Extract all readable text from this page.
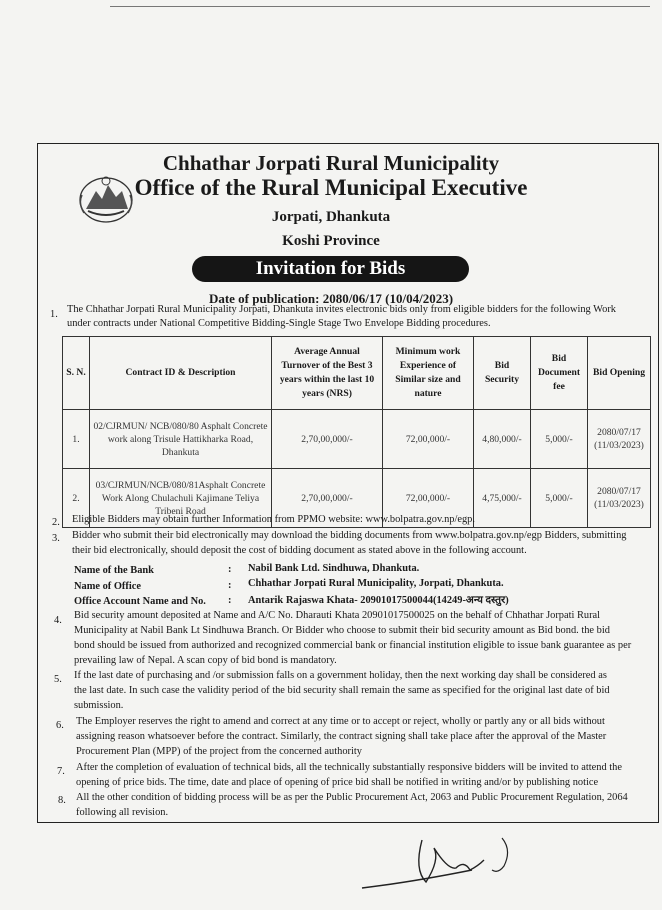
Chhathar Jorpati Rural Municipality
Office of the Rural Municipal Executive
Jorpati, Dhankuta
Koshi Province
Invitation for Bids
Date of publication: 2080/06/17 (10/04/2023)
1. The Chhathar Jorpati Rural Municipality Jorpati, Dhankuta invites electronic bids only from eligible bidders for the following Work
under contracts under National Competitive Bidding-Single Stage Two Envelope Bidding procedures.
S. N.	Contract ID & Description	Average Annual Turnover of the Best 3 years within the last 10 years (NRS)	Minimum work Experience of Similar size and nature	Bid Security	Bid Document fee	Bid Opening
1.	02/CJRMUN/ NCB/080/80 Asphalt Concrete work along Trisule Hattikharka Road, Dhankuta	2,70,00,000/-	72,00,000/-	4,80,000/-	5,000/-	2080/07/17 (11/03/2023)
2.	03/CJRMUN/NCB/080/81Asphalt Concrete Work Along Chulachuli Kajimane Teliya Tribeni Road	2,70,00,000/-	72,00,000/-	4,75,000/-	5,000/-	2080/07/17 (11/03/2023)
2. Eligible Bidders may obtain further Information from PPMO website: www.bolpatra.gov.np/egp.
3. Bidder who submit their bid electronically may download the bidding documents from www.bolpatra.gov.np/egp Bidders, submitting
their bid electronically, should deposit the cost of bidding document as stated above in the following account.
Name of the Bank	: Nabil Bank Ltd. Sindhuwa, Dhankuta.
Name of Office	: Chhathar Jorpati Rural Municipality, Jorpati, Dhankuta.
Office Account Name and No. : Antarik Rajaswa Khata- 20901017500044(14249-अन्य दस्तुर)
4. Bid security amount deposited at Name and A/C No. Dharauti Khata 20901017500025 on the behalf of Chhathar Jorpati Rural
Municipality at Nabil Bank Lt Sindhuwa Branch. Or Bidder who choose to submit their bid security amount as Bid bond. the bid
bond should be issued from authorized and recognized commercial bank or financial institution eligible to issue bank guarantee as per
prevailing law of Nepal. A scan copy of bid bond is mandatory.
5. If the last date of purchasing and /or submission falls on a government holiday, then the next working day shall be considered as
the last date. In such case the validity period of the bid security shall remain the same as specified for the original last date of bid
submission.
6. The Employer reserves the right to amend and correct at any time or to accept or reject, wholly or partly any or all bids without
assigning reason whatsoever before the contract. Similarly, the contract signing shall take place after the approval of the Master
Procurement Plan (MPP) of the project from the concerned authority
7. After the completion of evaluation of technical bids, all the technically substantially responsive bidders will be invited to attend the
opening of price bids. The time, date and place of opening of price bid shall be notified in writing and/or by publishing notice
8. All the other condition of bidding process will be as per the Public Procurement Act, 2063 and Public Procurement Regulation, 2064
following all revision.
